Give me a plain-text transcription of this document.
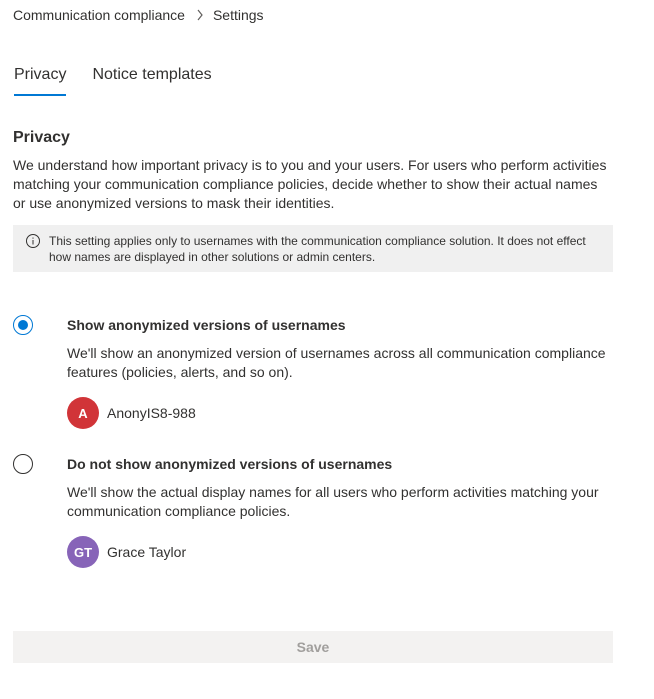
Communication compliance Settings
Privacy Notice templates
Privacy
We understand how important privacy is to you and your users. For users who perform activities matching your communication compliance policies, decide whether to show their actual names or use anonymized versions to mask their identities.
This setting applies only to usernames with the communication compliance solution. It does not effect how names are displayed in other solutions or admin centers.
Show anonymized versions of usernames
We'll show an anonymized version of usernames across all communication compliance features (policies, alerts, and so on).
A	AnonyIS8-988
Do not show anonymized versions of usernames
We'll show the actual display names for all users who perform activities matching your communication compliance policies.
GT	Grace Taylor
Save
